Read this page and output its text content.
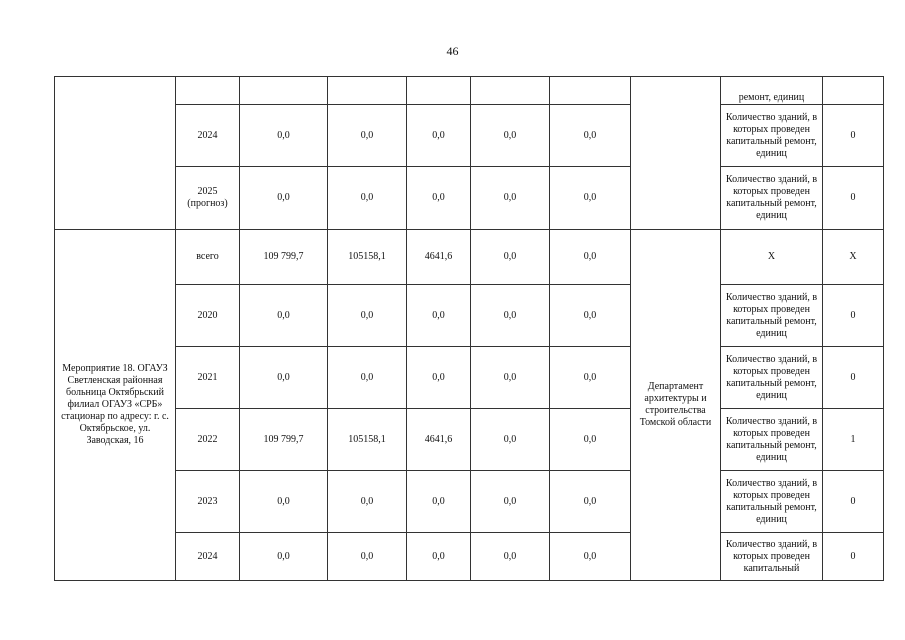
46
								ремонт, единиц	
	2024	0,0	0,0	0,0	0,0	0,0		Количество зданий, в которых проведен капитальный ремонт, единиц	0
	2025 (прогноз)	0,0	0,0	0,0	0,0	0,0		Количество зданий, в которых проведен капитальный ремонт, единиц	0
Мероприятие 18. ОГАУЗ Светленская районная больница Октябрьский филиал ОГАУЗ «СРБ» стационар по адресу: г. с. Октябрьское, ул. Заводская, 16	всего	109 799,7	105158,1	4641,6	0,0	0,0	Департамент архитектуры и строительства Томской области	X	X
	2020	0,0	0,0	0,0	0,0	0,0		Количество зданий, в которых проведен капитальный ремонт, единиц	0
	2021	0,0	0,0	0,0	0,0	0,0		Количество зданий, в которых проведен капитальный ремонт, единиц	0
	2022	109 799,7	105158,1	4641,6	0,0	0,0		Количество зданий, в которых проведен капитальный ремонт, единиц	1
	2023	0,0	0,0	0,0	0,0	0,0		Количество зданий, в которых проведен капитальный ремонт, единиц	0
	2024	0,0	0,0	0,0	0,0	0,0		Количество зданий, в которых проведен капитальный	0
